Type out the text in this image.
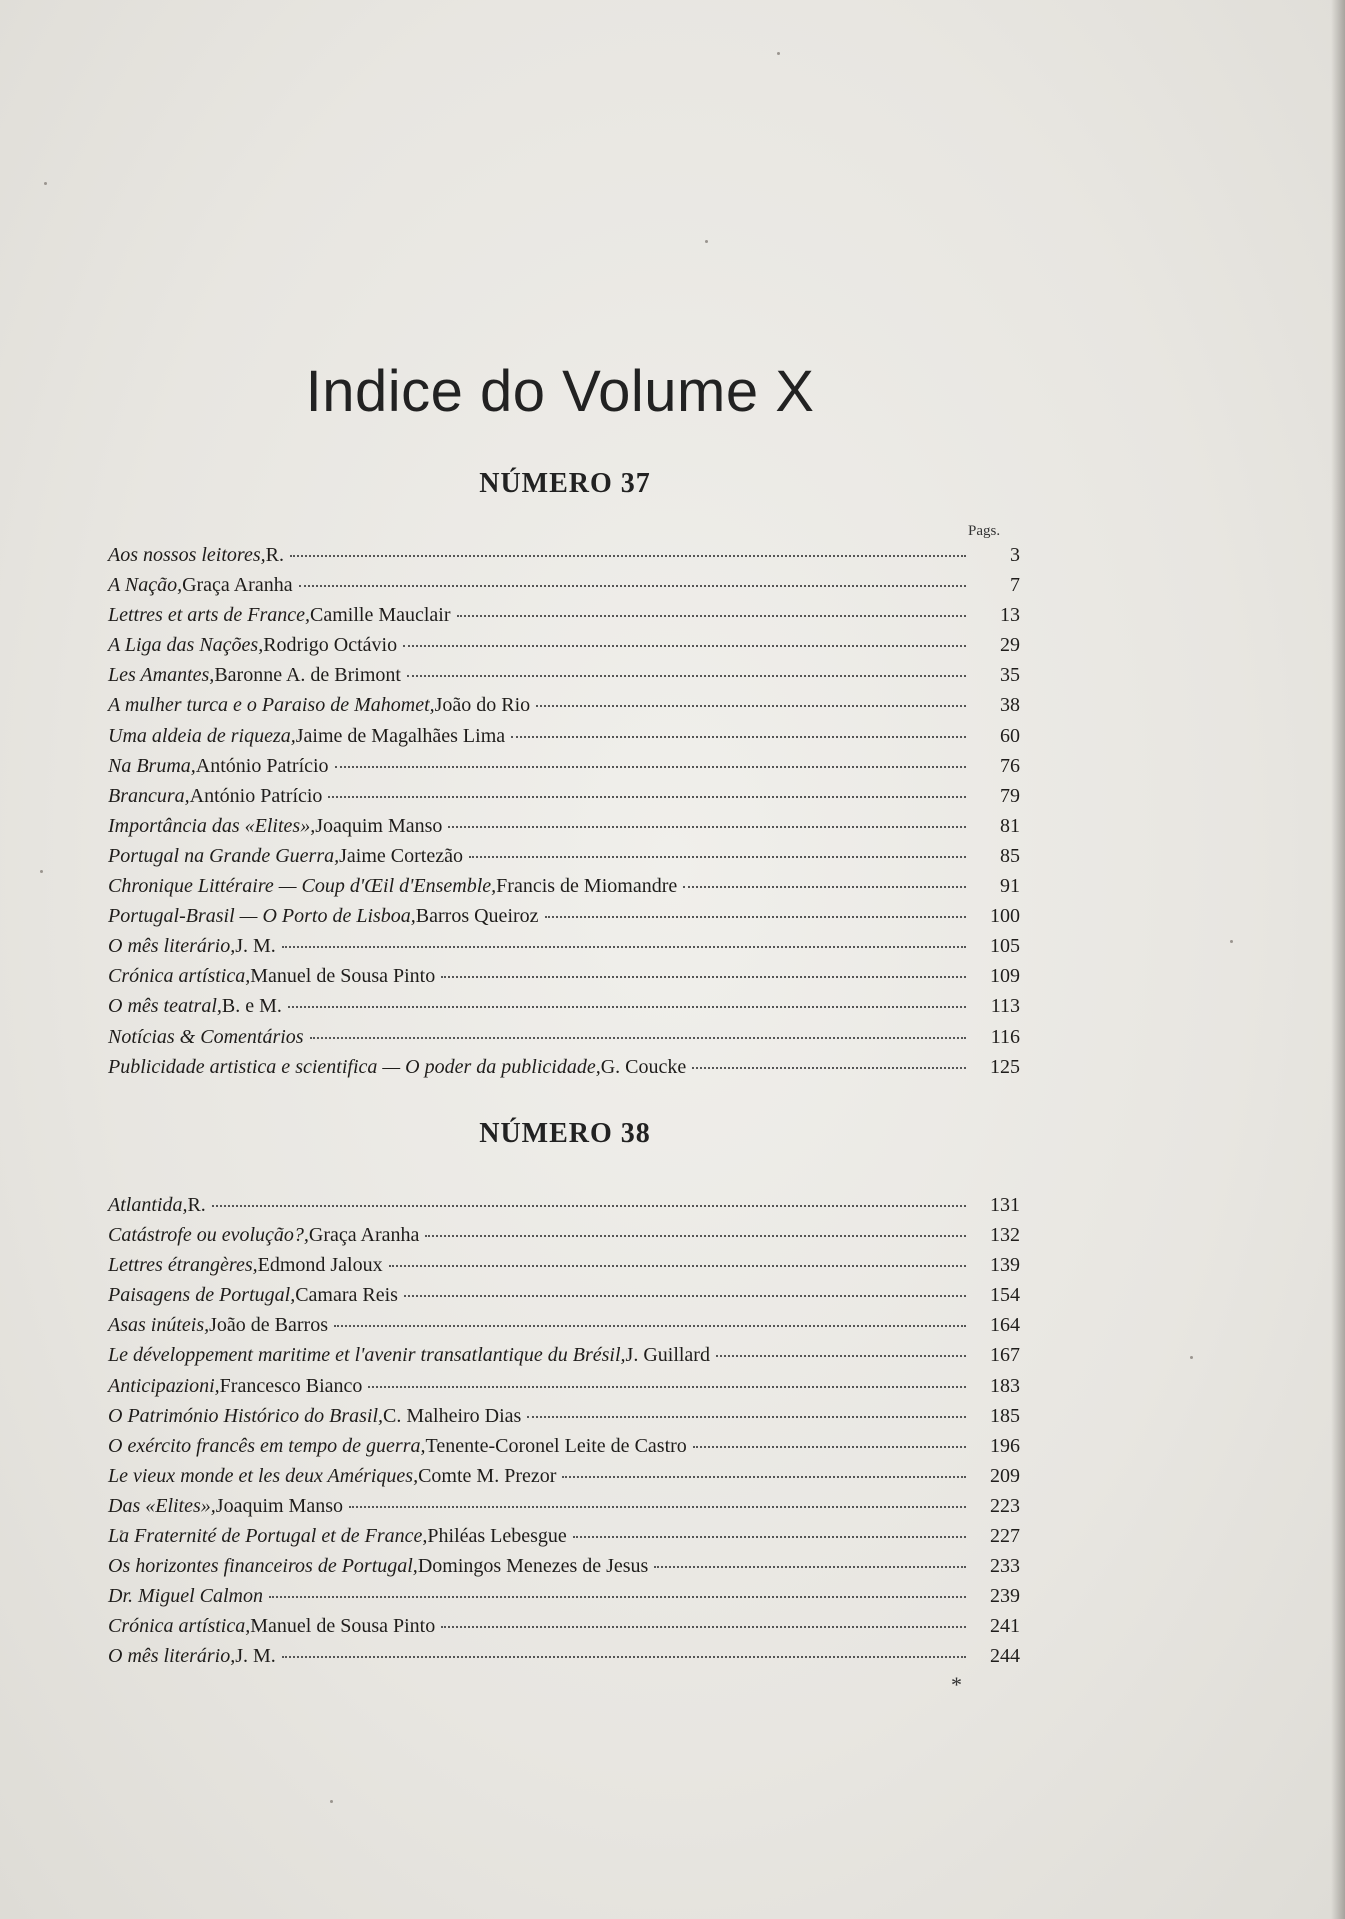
Indice do Volume X
NÚMERO 37
Pags.
Aos nossos leitores, R.	3
A Nação, Graça Aranha	7
Lettres et arts de France, Camille Mauclair	13
A Liga das Nações, Rodrigo Octávio	29
Les Amantes, Baronne A. de Brimont	35
A mulher turca e o Paraiso de Mahomet, João do Rio	38
Uma aldeia de riqueza, Jaime de Magalhães Lima	60
Na Bruma, António Patrício	76
Brancura, António Patrício	79
Importância das «Elites», Joaquim Manso	81
Portugal na Grande Guerra, Jaime Cortezão	85
Chronique Littéraire — Coup d'Œil d'Ensemble, Francis de Miomandre	91
Portugal-Brasil — O Porto de Lisboa, Barros Queiroz	100
O mês literário, J. M.	105
Crónica artística, Manuel de Sousa Pinto	109
O mês teatral, B. e M.	113
Notícias & Comentários	116
Publicidade artistica e scientifica — O poder da publicidade, G. Coucke	125
NÚMERO 38
Atlantida, R.	131
Catástrofe ou evolução?, Graça Aranha	132
Lettres étrangères, Edmond Jaloux	139
Paisagens de Portugal, Camara Reis	154
Asas inúteis, João de Barros	164
Le développement maritime et l'avenir transatlantique du Brésil, J. Guillard	167
Anticipazioni, Francesco Bianco	183
O Património Histórico do Brasil, C. Malheiro Dias	185
O exército francês em tempo de guerra, Tenente-Coronel Leite de Castro	196
Le vieux monde et les deux Amériques, Comte M. Prezor	209
Das «Elites», Joaquim Manso	223
La Fraternité de Portugal et de France, Philéas Lebesgue	227
Os horizontes financeiros de Portugal, Domingos Menezes de Jesus	233
Dr. Miguel Calmon	239
Crónica artística, Manuel de Sousa Pinto	241
O mês literário, J. M.	244
*
